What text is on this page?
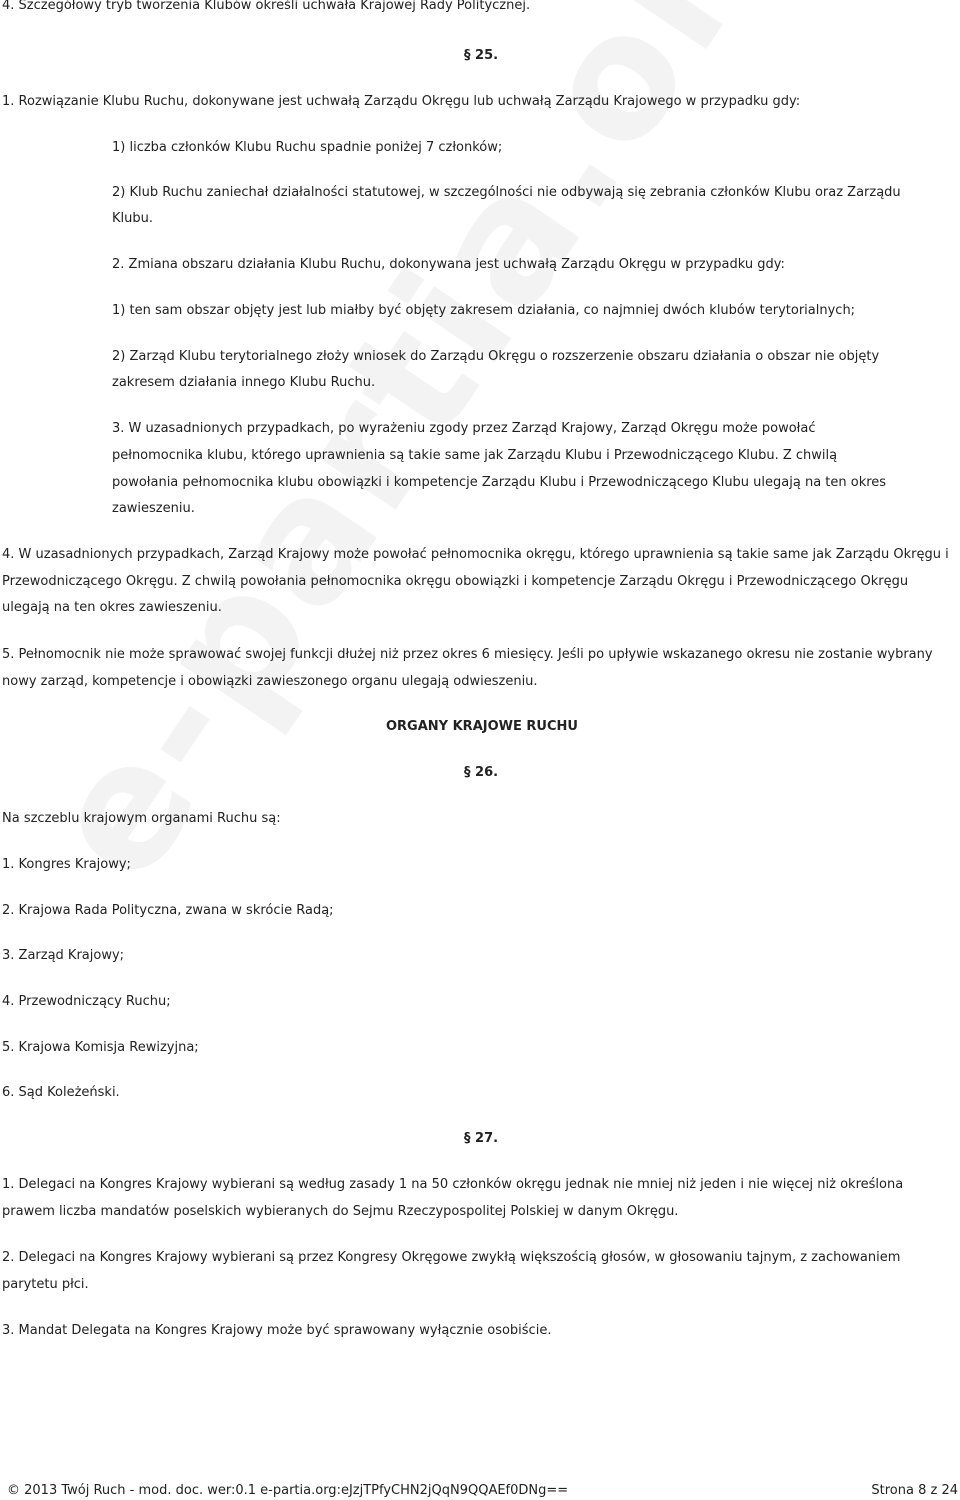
4. Szczegółowy tryb tworzenia Klubów określi uchwała Krajowej Rady Politycznej.
§ 25.
1. Rozwiązanie Klubu Ruchu, dokonywane jest uchwałą Zarządu Okręgu lub uchwałą Zarządu Krajowego w przypadku gdy:
1) liczba członków Klubu Ruchu spadnie poniżej 7 członków;
2) Klub Ruchu zaniechał działalności statutowej, w szczególności nie odbywają się zebrania członków Klubu oraz Zarządu
Klubu.
2. Zmiana obszaru działania Klubu Ruchu, dokonywana jest uchwałą Zarządu Okręgu w przypadku gdy:
1) ten sam obszar objęty jest lub miałby być objęty zakresem działania, co najmniej dwóch klubów terytorialnych;
2) Zarząd Klubu terytorialnego złoży wniosek do Zarządu Okręgu o rozszerzenie obszaru działania o obszar nie objęty
zakresem działania innego Klubu Ruchu.
3. W uzasadnionych przypadkach, po wyrażeniu zgody przez Zarząd Krajowy, Zarząd Okręgu może powołać
pełnomocnika klubu, którego uprawnienia są takie same jak Zarządu Klubu i Przewodniczącego Klubu. Z chwilą
powołania pełnomocnika klubu obowiązki i kompetencje Zarządu Klubu i Przewodniczącego Klubu ulegają na ten okres
zawieszeniu.
4. W uzasadnionych przypadkach, Zarząd Krajowy może powołać pełnomocnika okręgu, którego uprawnienia są takie same jak Zarządu Okręgu i
Przewodniczącego Okręgu. Z chwilą powołania pełnomocnika okręgu obowiązki i kompetencje Zarządu Okręgu i Przewodniczącego Okręgu
ulegają na ten okres zawieszeniu.
5. Pełnomocnik nie może sprawować swojej funkcji dłużej niż przez okres 6 miesięcy. Jeśli po upływie wskazanego okresu nie zostanie wybrany
nowy zarząd, kompetencje i obowiązki zawieszonego organu ulegają odwieszeniu.
ORGANY KRAJOWE RUCHU
§ 26.
Na szczeblu krajowym organami Ruchu są:
1. Kongres Krajowy;
2. Krajowa Rada Polityczna, zwana w skrócie Radą;
3. Zarząd Krajowy;
4. Przewodniczący Ruchu;
5. Krajowa Komisja Rewizyjna;
6. Sąd Koleżeński.
§ 27.
1. Delegaci na Kongres Krajowy wybierani są według zasady 1 na 50 członków okręgu jednak nie mniej niż jeden i nie więcej niż określona
prawem liczba mandatów poselskich wybieranych do Sejmu Rzeczypospolitej Polskiej w danym Okręgu.
2. Delegaci na Kongres Krajowy wybierani są przez Kongresy Okręgowe zwykłą większością głosów, w głosowaniu tajnym, z zachowaniem
parytetu płci.
3. Mandat Delegata na Kongres Krajowy może być sprawowany wyłącznie osobiście.
© 2013 Twój Ruch - mod. doc. wer:0.1 e-partia.org:eJzjTPfyCHN2jQqN9QQAEf0DNg==	Strona 8 z 24
